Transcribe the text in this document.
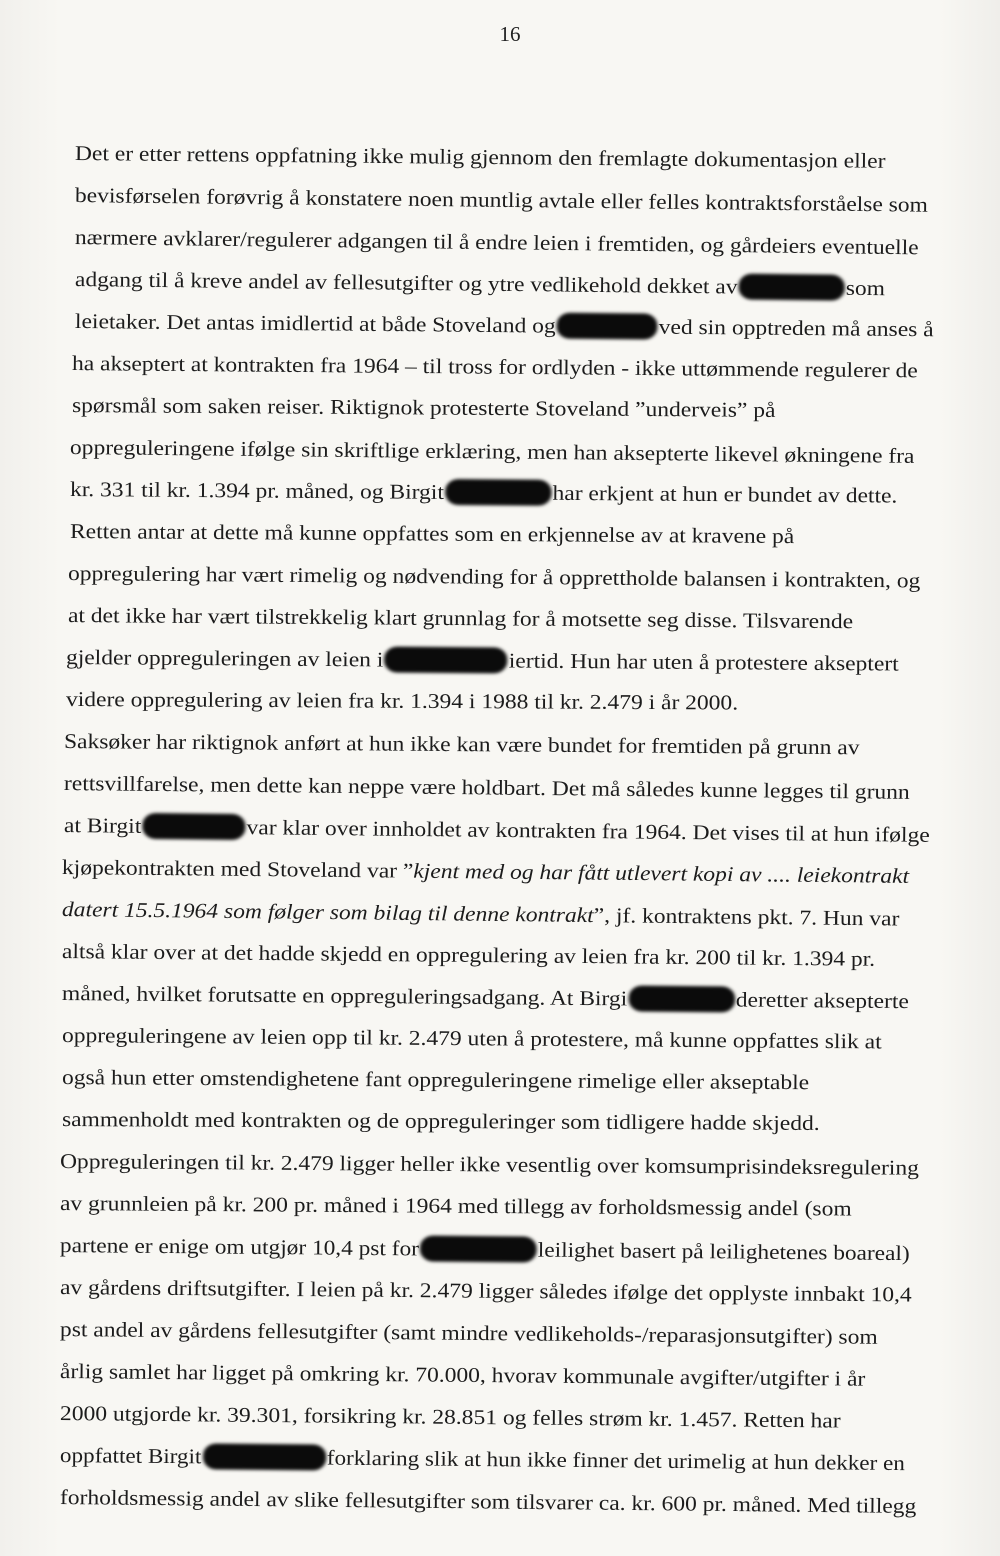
16
Det er etter rettens oppfatning ikke mulig gjennom den fremlagte dokumentasjon eller
bevisførselen forøvrig å konstatere noen muntlig avtale eller felles kontraktsforståelse som
nærmere avklarer/regulerer adgangen til å endre leien i fremtiden, og gårdeiers eventuelle
adgang til å kreve andel av fellesutgifter og ytre vedlikehold dekket av	som
leietaker. Det antas imidlertid at både Stoveland og	ved sin opptreden må anses å
ha akseptert at kontrakten fra 1964 – til tross for ordlyden - ikke uttømmende regulerer de
spørsmål som saken reiser. Riktignok protesterte Stoveland ”underveis” på
oppreguleringene ifølge sin skriftlige erklæring, men han aksepterte likevel økningene fra
kr. 331 til kr. 1.394 pr. måned, og Birgit	har erkjent at hun er bundet av dette.
Retten antar at dette må kunne oppfattes som en erkjennelse av at kravene på
oppregulering har vært rimelig og nødvending for å opprettholde balansen i kontrakten, og
at det ikke har vært tilstrekkelig klart grunnlag for å motsette seg disse. Tilsvarende
gjelder oppreguleringen av leien i	iertid. Hun har uten å protestere akseptert
videre oppregulering av leien fra kr. 1.394 i 1988 til kr. 2.479 i år 2000.
Saksøker har riktignok anført at hun ikke kan være bundet for fremtiden på grunn av
rettsvillfarelse, men dette kan neppe være holdbart. Det må således kunne legges til grunn
at Birgit	var klar over innholdet av kontrakten fra 1964. Det vises til at hun ifølge
kjøpekontrakten med Stoveland var ”kjent med og har fått utlevert kopi av .... leiekontrakt
datert 15.5.1964 som følger som bilag til denne kontrakt”, jf. kontraktens pkt. 7. Hun var
altså klar over at det hadde skjedd en oppregulering av leien fra kr. 200 til kr. 1.394 pr.
måned, hvilket forutsatte en oppreguleringsadgang. At Birgi	deretter aksepterte
oppreguleringene av leien opp til kr. 2.479 uten å protestere, må kunne oppfattes slik at
også hun etter omstendighetene fant oppreguleringene rimelige eller akseptable
sammenholdt med kontrakten og de oppreguleringer som tidligere hadde skjedd.
Oppreguleringen til kr. 2.479 ligger heller ikke vesentlig over komsumprisindeksregulering
av grunnleien på kr. 200 pr. måned i 1964 med tillegg av forholdsmessig andel (som
partene er enige om utgjør 10,4 pst for	leilighet basert på leilighetenes boareal)
av gårdens driftsutgifter. I leien på kr. 2.479 ligger således ifølge det opplyste innbakt 10,4
pst andel av gårdens fellesutgifter (samt mindre vedlikeholds-/reparasjonsutgifter) som
årlig samlet har ligget på omkring kr. 70.000, hvorav kommunale avgifter/utgifter i år
2000 utgjorde kr. 39.301, forsikring kr. 28.851 og felles strøm kr. 1.457. Retten har
oppfattet Birgit	forklaring slik at hun ikke finner det urimelig at hun dekker en
forholdsmessig andel av slike fellesutgifter som tilsvarer ca. kr. 600 pr. måned. Med tillegg
